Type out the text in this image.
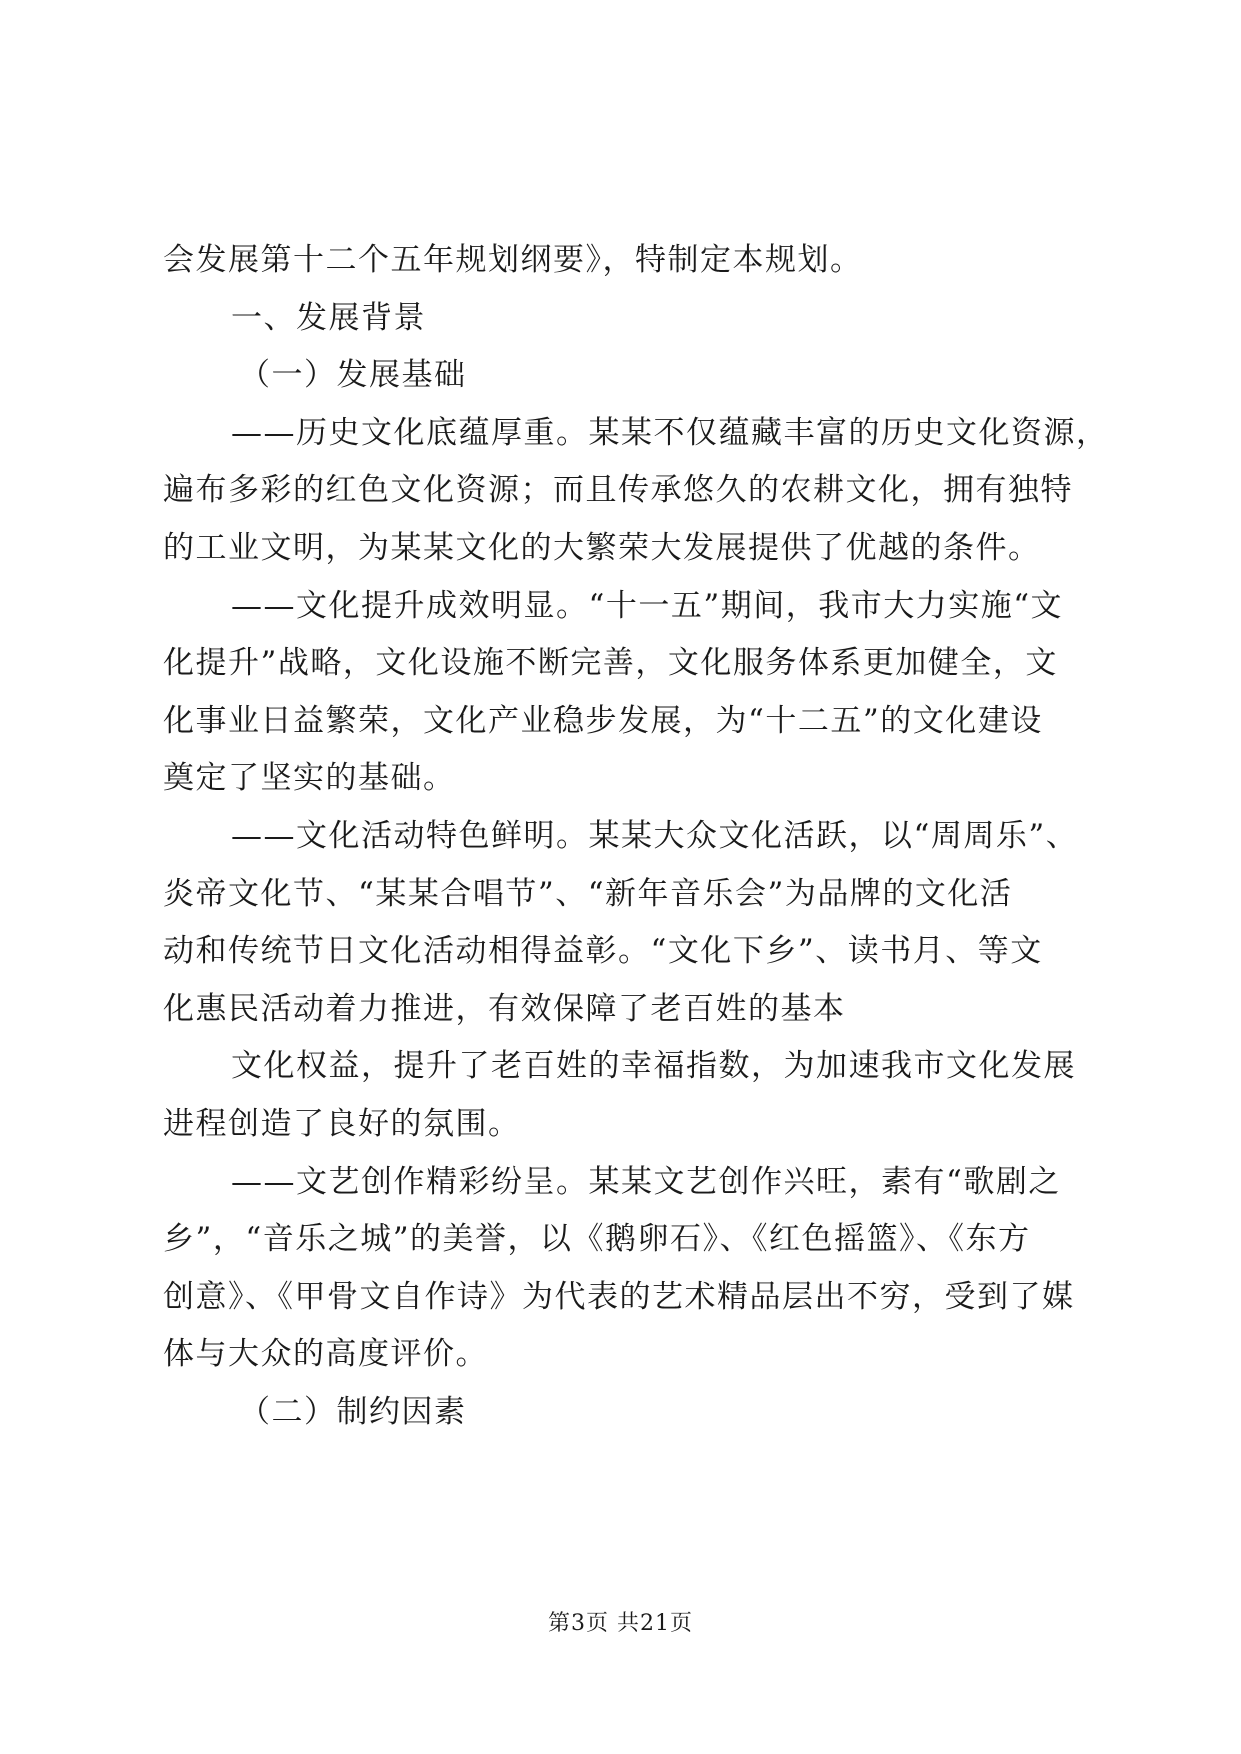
会发展第十二个五年规划纲要》，特制定本规划。
一、发展背景
（一）发展基础
——历史文化底蕴厚重。某某不仅蕴藏丰富的历史文化资源，
遍布多彩的红色文化资源；而且传承悠久的农耕文化，拥有独特
的工业文明，为某某文化的大繁荣大发展提供了优越的条件。
——文化提升成效明显。“十一五”期间，我市大力实施“文
化提升”战略，文化设施不断完善，文化服务体系更加健全，文
化事业日益繁荣，文化产业稳步发展，为“十二五”的文化建设
奠定了坚实的基础。
——文化活动特色鲜明。某某大众文化活跃，以“周周乐”、
炎帝文化节、“某某合唱节”、“新年音乐会”为品牌的文化活
动和传统节日文化活动相得益彰。“文化下乡”、读书月、等文
化惠民活动着力推进，有效保障了老百姓的基本
文化权益，提升了老百姓的幸福指数，为加速我市文化发展
进程创造了良好的氛围。
——文艺创作精彩纷呈。某某文艺创作兴旺，素有“歌剧之
乡”，“音乐之城”的美誉，以《鹅卵石》、《红色摇篮》、《东方
创意》、《甲骨文自作诗》为代表的艺术精品层出不穷，受到了媒
体与大众的高度评价。
（二）制约因素
第3页 共21页
